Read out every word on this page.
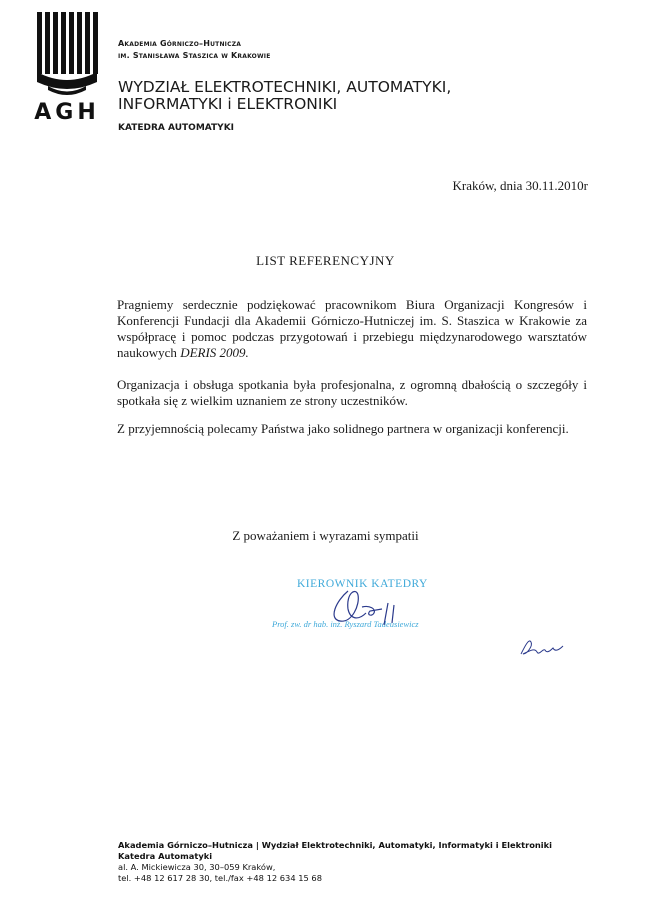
AGH
Akademia Górniczo–Hutnicza
im. Stanisława Staszica w Krakowie
WYDZIAŁ ELEKTROTECHNIKI, AUTOMATYKI,
INFORMATYKI i ELEKTRONIKI
KATEDRA AUTOMATYKI
Kraków, dnia 30.11.2010r
LIST REFERENCYJNY
Pragniemy serdecznie podziękować pracownikom Biura Organizacji Kongresów i Konferencji Fundacji dla Akademii Górniczo-Hutniczej im. S. Staszica w Krakowie za współpracę i pomoc podczas przygotowań i przebiegu międzynarodowego warsztatów naukowych DERIS 2009.
Organizacja i obsługa spotkania była profesjonalna, z ogromną dbałością o szczegóły i spotkała się z wielkim uznaniem ze strony uczestników.
Z przyjemnością polecamy Państwa jako solidnego partnera w organizacji konferencji.
Z poważaniem i wyrazami sympatii
KIEROWNIK KATEDRY
Prof. zw. dr hab. inż. Ryszard Tadeusiewicz
Akademia Górniczo–Hutnicza | Wydział Elektrotechniki, Automatyki, Informatyki i Elektroniki
Katedra Automatyki
al. A. Mickiewicza 30, 30–059 Kraków,
tel. +48 12 617 28 30, tel./fax +48 12 634 15 68
